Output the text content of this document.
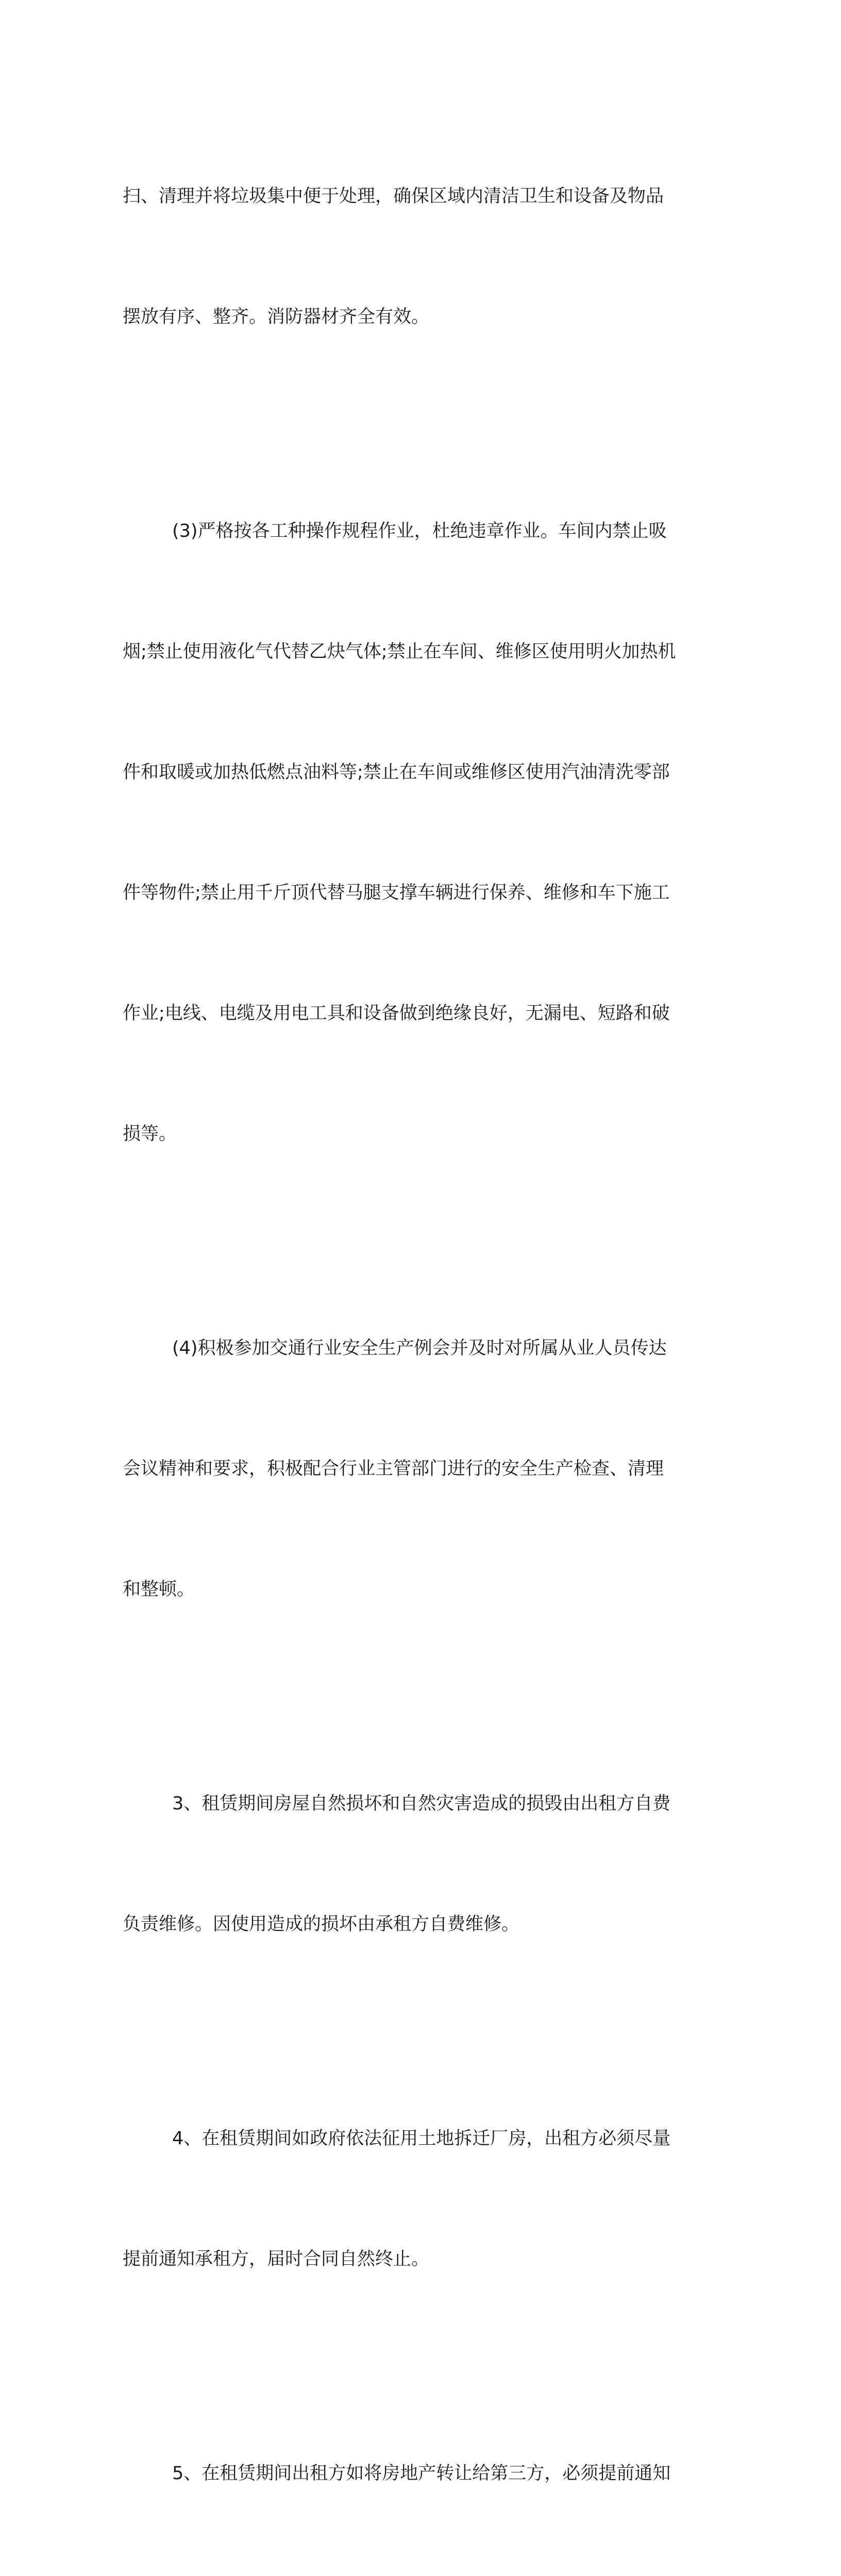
扫、清理并将垃圾集中便于处理，确保区域内清洁卫生和设备及物品

摆放有序、整齐。消防器材齐全有效。

(3)严格按各工种操作规程作业，杜绝违章作业。车间内禁止吸

烟;禁止使用液化气代替乙炔气体;禁止在车间、维修区使用明火加热机

件和取暖或加热低燃点油料等;禁止在车间或维修区使用汽油清洗零部

件等物件;禁止用千斤顶代替马腿支撑车辆进行保养、维修和车下施工

作业;电线、电缆及用电工具和设备做到绝缘良好，无漏电、短路和破

损等。

(4)积极参加交通行业安全生产例会并及时对所属从业人员传达

会议精神和要求，积极配合行业主管部门进行的安全生产检查、清理

和整顿。

3、租赁期间房屋自然损坏和自然灾害造成的损毁由出租方自费

负责维修。因使用造成的损坏由承租方自费维修。

4、在租赁期间如政府依法征用土地拆迁厂房，出租方必须尽量

提前通知承租方，届时合同自然终止。

5、在租赁期间出租方如将房地产转让给第三方，必须提前通知
